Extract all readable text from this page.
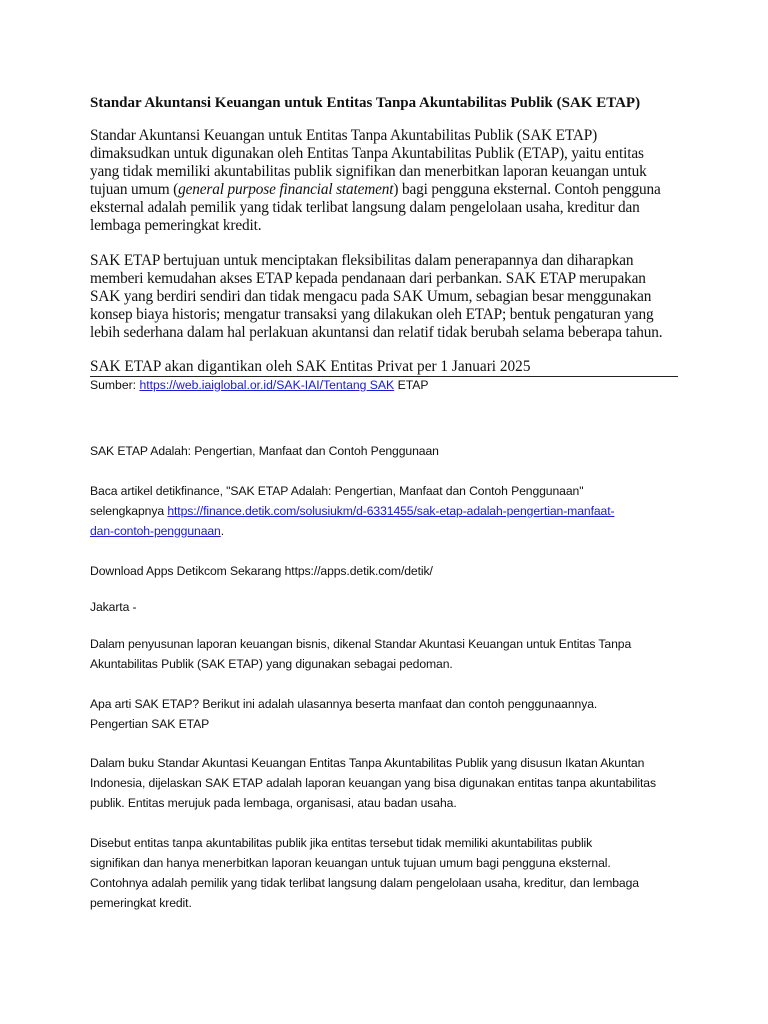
Standar Akuntansi Keuangan untuk Entitas Tanpa Akuntabilitas Publik (SAK ETAP)

Standar Akuntansi Keuangan untuk Entitas Tanpa Akuntabilitas Publik (SAK ETAP)
dimaksudkan untuk digunakan oleh Entitas Tanpa Akuntabilitas Publik (ETAP), yaitu entitas
yang tidak memiliki akuntabilitas publik signifikan dan menerbitkan laporan keuangan untuk
tujuan umum (general purpose financial statement) bagi pengguna eksternal. Contoh pengguna
eksternal adalah pemilik yang tidak terlibat langsung dalam pengelolaan usaha, kreditur dan
lembaga pemeringkat kredit.

SAK ETAP bertujuan untuk menciptakan fleksibilitas dalam penerapannya dan diharapkan
memberi kemudahan akses ETAP kepada pendanaan dari perbankan. SAK ETAP merupakan
SAK yang berdiri sendiri dan tidak mengacu pada SAK Umum, sebagian besar menggunakan
konsep biaya historis; mengatur transaksi yang dilakukan oleh ETAP; bentuk pengaturan yang
lebih sederhana dalam hal perlakuan akuntansi dan relatif tidak berubah selama beberapa tahun.

SAK ETAP akan digantikan oleh SAK Entitas Privat per 1 Januari 2025

Sumber: https://web.iaiglobal.or.id/SAK-IAI/Tentang SAK ETAP

SAK ETAP Adalah: Pengertian, Manfaat dan Contoh Penggunaan

Baca artikel detikfinance, "SAK ETAP Adalah: Pengertian, Manfaat dan Contoh Penggunaan"
selengkapnya https://finance.detik.com/solusiukm/d-6331455/sak-etap-adalah-pengertian-manfaat-
dan-contoh-penggunaan.

Download Apps Detikcom Sekarang https://apps.detik.com/detik/

Jakarta -

Dalam penyusunan laporan keuangan bisnis, dikenal Standar Akuntasi Keuangan untuk Entitas Tanpa
Akuntabilitas Publik (SAK ETAP) yang digunakan sebagai pedoman.

Apa arti SAK ETAP? Berikut ini adalah ulasannya beserta manfaat dan contoh penggunaannya.
Pengertian SAK ETAP

Dalam buku Standar Akuntasi Keuangan Entitas Tanpa Akuntabilitas Publik yang disusun Ikatan Akuntan
Indonesia, dijelaskan SAK ETAP adalah laporan keuangan yang bisa digunakan entitas tanpa akuntabilitas
publik. Entitas merujuk pada lembaga, organisasi, atau badan usaha.

Disebut entitas tanpa akuntabilitas publik jika entitas tersebut tidak memiliki akuntabilitas publik
signifikan dan hanya menerbitkan laporan keuangan untuk tujuan umum bagi pengguna eksternal.
Contohnya adalah pemilik yang tidak terlibat langsung dalam pengelolaan usaha, kreditur, dan lembaga
pemeringkat kredit.
